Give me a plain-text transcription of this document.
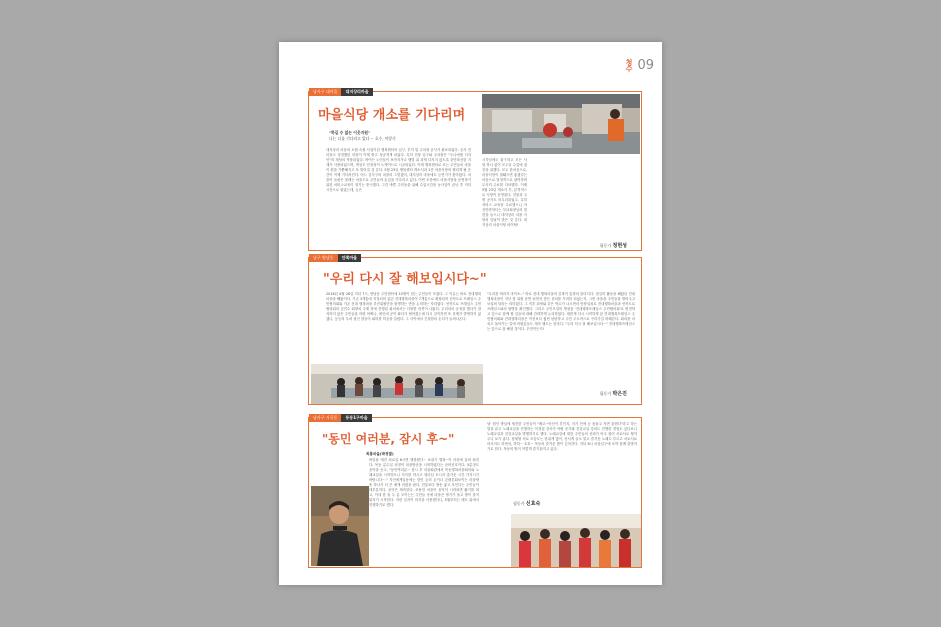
청수 09
남사구 대마을	대지상리마을
마을식당 개소를 기다리며
"하길 수 없는 이웃지원"
나는 너를 기다리고 있다 ~ 호수, 이렇기
대지상리 마을의 오랜 숙원 사업이던 행복센터의 입구, 부지 및 주차장 공사가 완료되었다. 공사 전 마을고 정정했던 마을이 이제 밝고 성공적게 되었다. 특히 건물 입구와 주차장은 "우나에셈 디자인"의 계성의 작품되었다. 바이든 노인들이 보아지거나 햇볕 위 과게 다지지 않도록 중단복신한 지재가 사용되었으며, 책상도 안정성이 노케이드로 시공되었다. 이제 행복센터로 모는 주민들의 마을이 편을 가뿐해지고 또 밝아질 것 같다. 5월 23일 행복센터 개소식과 1층 마을식당의 첼리게 될 순간이 이제 기다려진다. 어느 김사구의 마을의 그렇겠어, 대지상리 마을에도 능연기가 찾아왔다. 마을이 들판은 물레는 마을으로 주민들의 손길을 기다리고 있다. 이번 모종에도 마을식당을 운영하기 위한 서비스교육이 열기는 뜻시했다. 그간 바쁜 주민들을 위해 수업시간을 농사일이 끝난 후 저녁시간으로 잡았는데, 늦은
시각임에도 불구하고 모든 사람 하나 없이 모두들 수업에 집중을 위했다. 모두 한마음으로, 마을식당이 잘돼으면 좋겠다는 마음으로 열정적으로 참여하며 무사히 수료를 다마했다. 이제 5월 23일 개소식 후, 본격적으로 식당이 운영된다. 건물과 주변 공사도 마무리되었고, 특히 서비스 교육을 수료했으니 자신만만하다는 부녀회장님의 말씀을 들으니 대지상리 마을 식당의 앞날이 밝은 것 같다. 대지상리 마을식당 파이팅!
필동가 정현성
남구 양남동	안쪽마을
"우리 다시 잘 해보입시다~"
2016년 4월 28일 저녁 7시, 양남동 주민센터에 10명이 넘는 주민들이 모였다. 그 이유는 바로 전대행복마을을 빼왔이다. 기존 3개통에 저정되어 있던 전대행복마을이 7개통으로 확장되어 선북도로 프레임스 주민협의회와 기존 전대 행복마을 추진위원단을 합병하는 만을 논의하는 자리였다. 선북도로 프레임스 주민협의회의 김진수 회장의 주제 하에 진행된 회의에서는 다양한 의견이 나왔다. 우리마리 공정을 했다가 참석하지 않은 주민들을 어떤 어쩌나, 에인에 공이 좌다가 혈어졌는데 다시 같이하면 또 문제가 발생하지 않겠나, 등등의 우려 섞인 말들이 회의장 허공을 갈랐다. 그 사이에서 긴철함의 손리가 들려나온다.
"우리를 버리지 마이소.." 바로 전대 행복마을의 김복이 통장의 한마디다. 열심히 활동을 해왔던 전대행복마을이 지난 봄 위원 동반 쉬면서 잠든 상처를 가져한 되었는지, 그런 마을을 주민들을 방어주고 보살펴 달라는 의미였다. 그 직후 뒤에와 같은 박수가 나오면서 만장일치로 전대행복마을과 선북도로 프레임스와의 합병을 확인했다. 그리고 주민모임의 명칭을 '전대행복프레임스 주민협의회'로 변경하고 앞으로 함께 할 일들에 대해 간략하게 논의하였다. 새롭게 다시 시작하게 된 전대행복프레임스 주민협의회와 전대행복마을은 이전보다 훨씬 탄탄하고 주민 주도적으로 꾸리가길 바래본다. 회의를 마치고 돌아가는 길에 어떤분들도 계속 맴도는 한마디. "우리 다시 잘 해보입시다~" 전대행복프레임스는 앞으로 잘 해낼 것이다. 우연이든지!
필동가 박은진
남사구 가곡동	동동1구마을
"동민 여러분, 잠시 후~"
목통마을(박정발)
바일날 예전 외로일 6시면 행복했다~ 보내기 행복~이 마을에 울려 퍼진다. 목동 분수일 외정이 마을방송을 시작하였다는 준비신호이다. 5분정도 음악을 듣고, "동민여러분~ 잠시 후 마을회관에서 목동행복마을회의와 노래교실을 시작하오니 식사를 하시고 열마님 모시셔 출가운 시간 가지시기 바랍니다~." 지언에게일동에는 한민 돈의 돈커나 콘텐론회보이는 마을방송 하나가 더 큰 예게 켜졌을 판다, 전봇보다 방송 좋고 모인다는 주민들이 대부분이다. 음악은 계속한다. 조용한 마을이 음악이 시작되면 활기를 띠고, 이내 한 둘 두 분 모이는는 주민들 속에 마을은 생기가 돌고 방이 즐겨워지기 시작한다. 저런 일지이 의지을 사용했다니, 5월부터는 매트 위에서 진행하기로 했다.
날' 원인 방일에 세진한 주민들이 "배고~아신이 부인지, 지기 전에 등 돌돌고 저면 훌렌다"라고 하는 말을 끝고 노래교실을 진행하는 이경섭 강사가 야랑 운가와 건강교실 강의도 진행한 경험도 있다보니 노래교실과 건강교실을 병행하기로 했다. 노래교실에 대한 주민들의 신뢰가 아주 집어 서로서로 챙겨주니 보기 좋다. 집체형 서로 모습도는 한위게 많이, 신서게 들도 불고 즐거운 노래도 부르고 서로서로 마사지도 하면서, 하하~ 호호~ 목동의 즐거운 밤이 깊어간다. 저녁 8시 마을입구에 모여 힘께 출발자기로 한다. 목동의 밤이 이렇게 즐거워지고 있다.
필동가 신효숙
